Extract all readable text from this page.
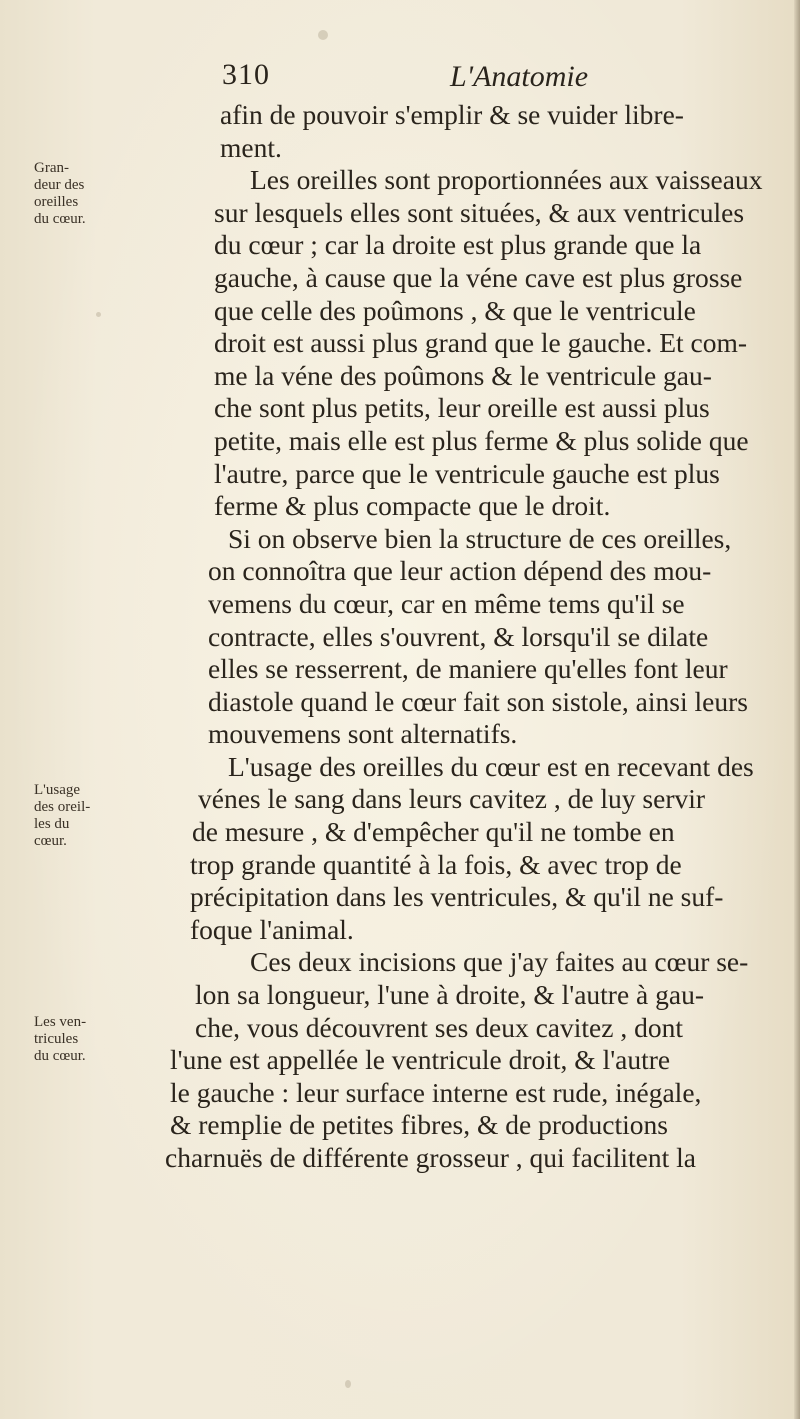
310	L'Anatomie
Gran-
deur des
oreilles
du cœur.
L'usage
des oreil-
les du
cœur.
Les ven-
tricules
du cœur.
afin de pouvoir s'emplir & se vuider libre-
ment.
Les oreilles sont proportionnées aux vaisseaux
sur lesquels elles sont situées, & aux ventricules
du cœur ; car la droite est plus grande que la
gauche, à cause que la véne cave est plus grosse
que celle des poûmons , & que le ventricule
droit est aussi plus grand que le gauche. Et com-
me la véne des poûmons & le ventricule gau-
che sont plus petits, leur oreille est aussi plus
petite, mais elle est plus ferme & plus solide que
l'autre, parce que le ventricule gauche est plus
ferme & plus compacte que le droit.
Si on observe bien la structure de ces oreilles,
on connoîtra que leur action dépend des mou-
vemens du cœur, car en même tems qu'il se
contracte, elles s'ouvrent, & lorsqu'il se dilate
elles se resserrent, de maniere qu'elles font leur
diastole quand le cœur fait son sistole, ainsi leurs
mouvemens sont alternatifs.
L'usage des oreilles du cœur est en recevant des
vénes le sang dans leurs cavitez , de luy servir
de mesure , & d'empêcher qu'il ne tombe en
trop grande quantité à la fois, & avec trop de
précipitation dans les ventricules, & qu'il ne suf-
foque l'animal.
Ces deux incisions que j'ay faites au cœur se-
lon sa longueur, l'une à droite, & l'autre à gau-
che, vous découvrent ses deux cavitez , dont
l'une est appellée le ventricule droit, & l'autre
le gauche : leur surface interne est rude, inégale,
& remplie de petites fibres, & de productions
charnuës de différente grosseur , qui facilitent la
